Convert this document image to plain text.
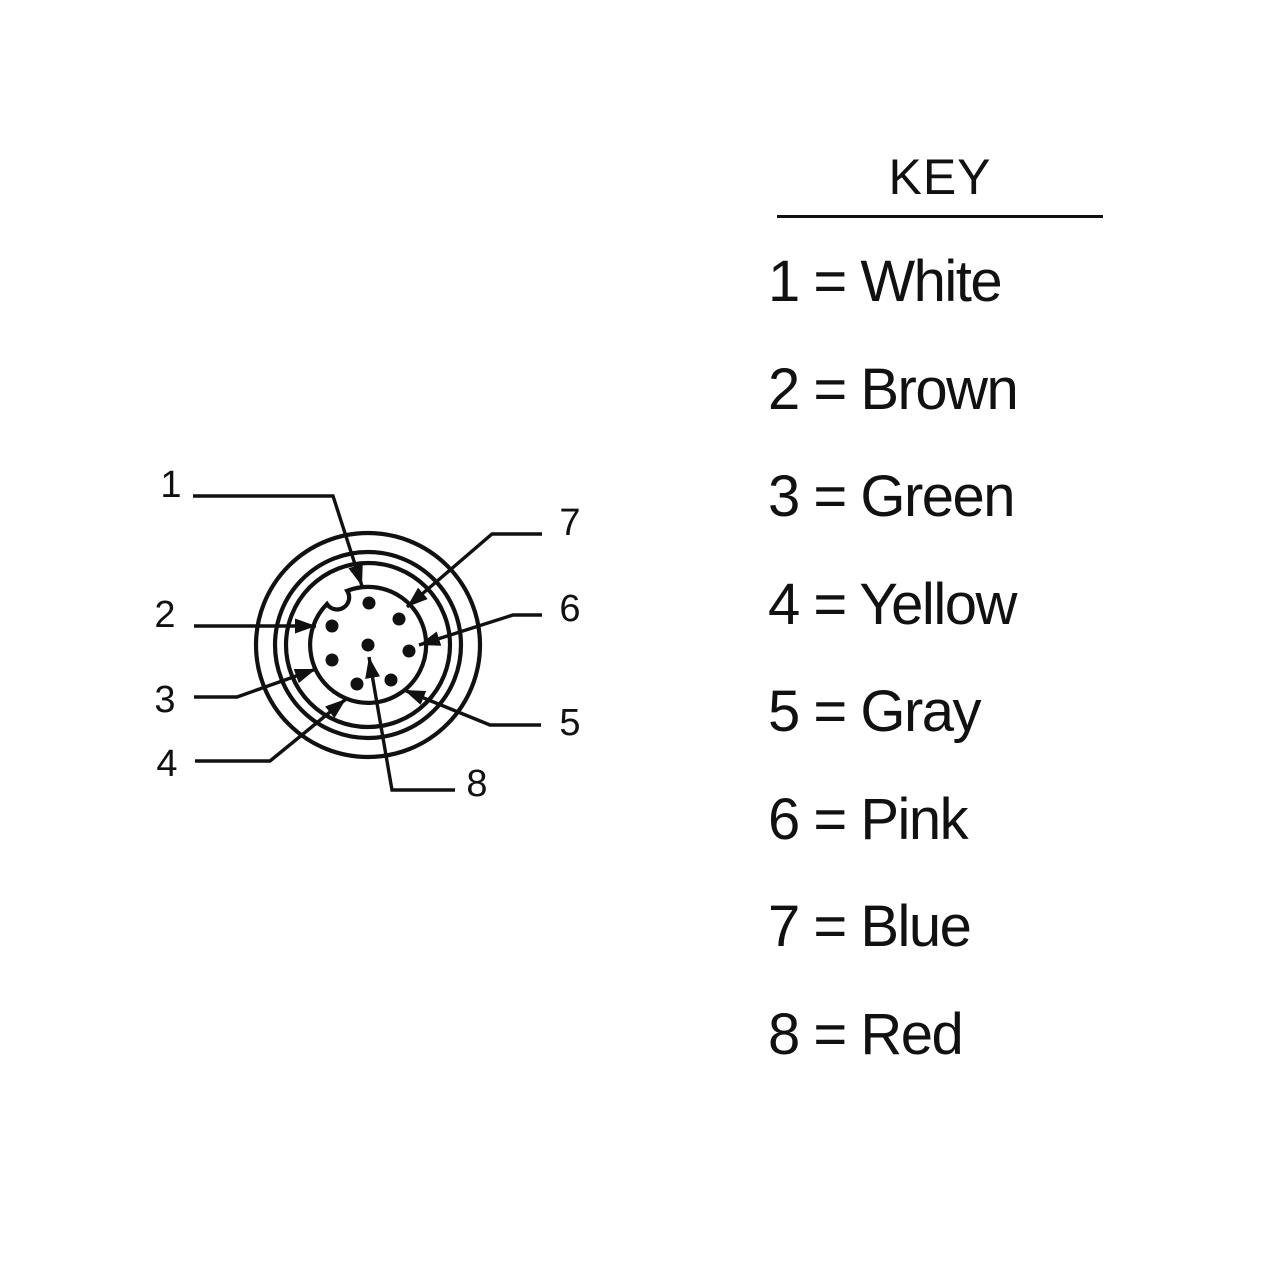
1
2
3
4
5
6
7
8
KEY
1 = White
2 = Brown
3 = Green
4 = Yellow
5 = Gray
6 = Pink
7 = Blue
8 = Red
